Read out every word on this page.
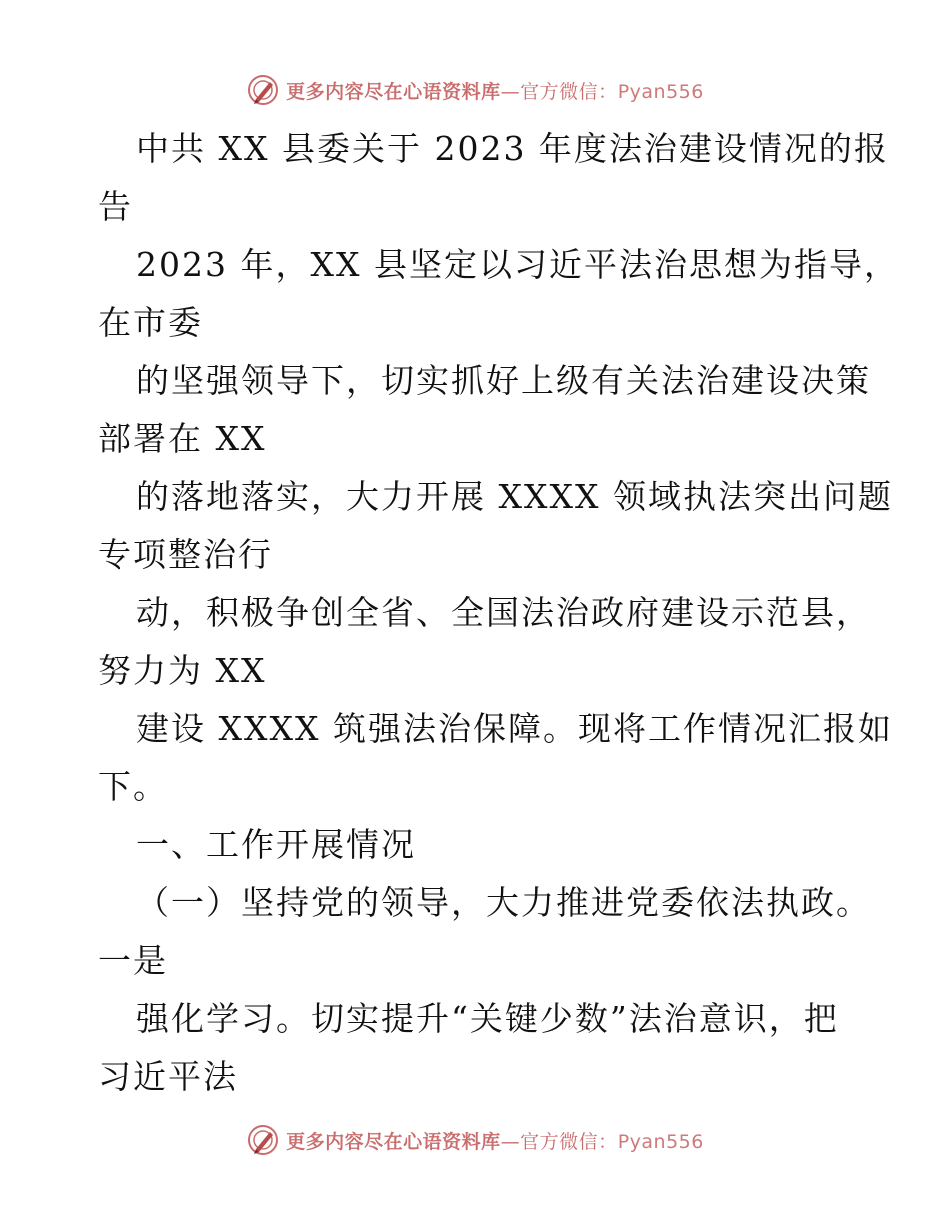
更多内容尽在心语资料库—官方微信：Pyan556
中共 XX 县委关于 2023 年度法治建设情况的报
告
2023 年，XX 县坚定以习近平法治思想为指导，
在市委
的坚强领导下，切实抓好上级有关法治建设决策
部署在 XX
的落地落实，大力开展 XXXX 领域执法突出问题
专项整治行
动，积极争创全省、全国法治政府建设示范县，
努力为 XX
建设 XXXX 筑强法治保障。现将工作情况汇报如
下。
一、工作开展情况
（一）坚持党的领导，大力推进党委依法执政。
一是
强化学习。切实提升“关键少数”法治意识，把
习近平法
更多内容尽在心语资料库—官方微信：Pyan556
